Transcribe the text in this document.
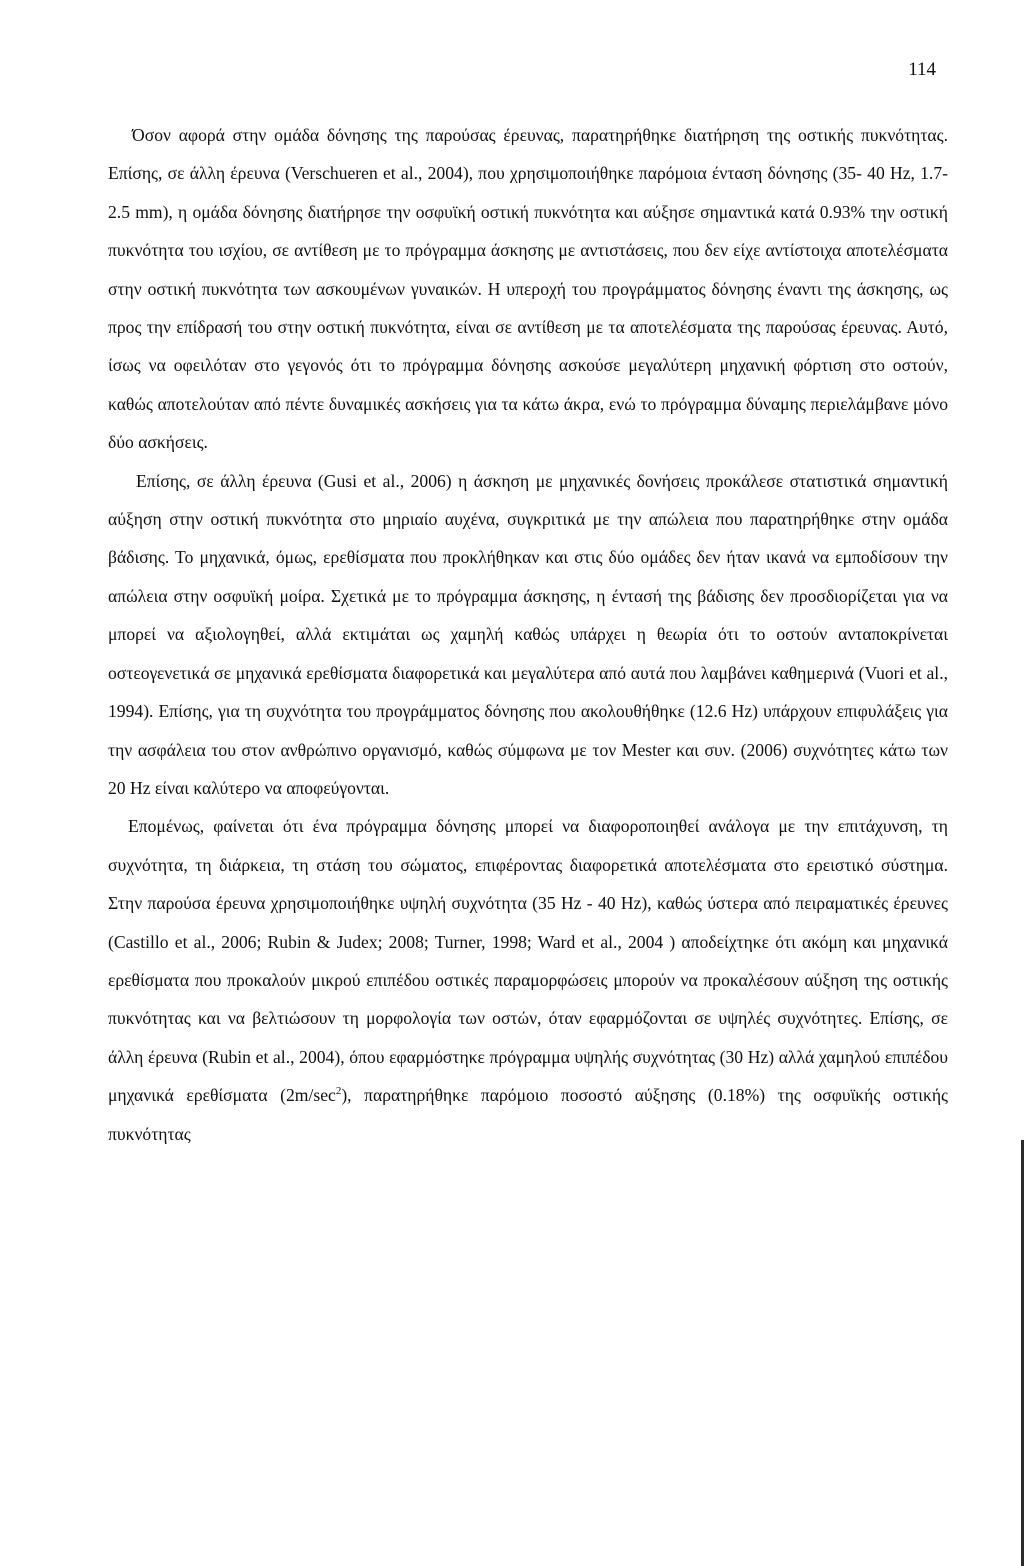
114

Όσον αφορά στην ομάδα δόνησης της παρούσας έρευνας, παρατηρήθηκε διατήρηση της οστικής πυκνότητας. Επίσης, σε άλλη έρευνα (Verschueren et al., 2004), που χρησιμοποιήθηκε παρόμοια ένταση δόνησης (35- 40 Hz, 1.7-2.5 mm), η ομάδα δόνησης διατήρησε την οσφυϊκή οστική πυκνότητα και αύξησε σημαντικά κατά 0.93% την οστική πυκνότητα του ισχίου, σε αντίθεση με το πρόγραμμα άσκησης με αντιστάσεις, που δεν είχε αντίστοιχα αποτελέσματα στην οστική πυκνότητα των ασκουμένων γυναικών. Η υπεροχή του προγράμματος δόνησης έναντι της άσκησης, ως προς την επίδρασή του στην οστική πυκνότητα, είναι σε αντίθεση με τα αποτελέσματα της παρούσας έρευνας. Αυτό, ίσως να οφειλόταν στο γεγονός ότι το πρόγραμμα δόνησης ασκούσε μεγαλύτερη μηχανική φόρτιση στο οστούν, καθώς αποτελούταν από πέντε δυναμικές ασκήσεις για τα κάτω άκρα, ενώ το πρόγραμμα δύναμης περιελάμβανε μόνο δύο ασκήσεις.

Επίσης, σε άλλη έρευνα (Gusi et al., 2006) η άσκηση με μηχανικές δονήσεις προκάλεσε στατιστικά σημαντική αύξηση στην οστική πυκνότητα στο μηριαίο αυχένα, συγκριτικά με την απώλεια που παρατηρήθηκε στην ομάδα βάδισης. Το μηχανικά, όμως, ερεθίσματα που προκλήθηκαν και στις δύο ομάδες δεν ήταν ικανά να εμποδίσουν την απώλεια στην οσφυϊκή μοίρα. Σχετικά με το πρόγραμμα άσκησης, η έντασή της βάδισης δεν προσδιορίζεται για να μπορεί να αξιολογηθεί, αλλά εκτιμάται ως χαμηλή καθώς υπάρχει η θεωρία ότι το οστούν ανταποκρίνεται οστεογενετικά σε μηχανικά ερεθίσματα διαφορετικά και μεγαλύτερα από αυτά που λαμβάνει καθημερινά (Vuori et al., 1994). Επίσης, για τη συχνότητα του προγράμματος δόνησης που ακολουθήθηκε (12.6 Hz) υπάρχουν επιφυλάξεις για την ασφάλεια του στον ανθρώπινο οργανισμό, καθώς σύμφωνα με τον Mester και συν. (2006) συχνότητες κάτω των 20 Hz είναι καλύτερο να αποφεύγονται.

Επομένως, φαίνεται ότι ένα πρόγραμμα δόνησης μπορεί να διαφοροποιηθεί ανάλογα με την επιτάχυνση, τη συχνότητα, τη διάρκεια, τη στάση του σώματος, επιφέροντας διαφορετικά αποτελέσματα στο ερειστικό σύστημα. Στην παρούσα έρευνα χρησιμοποιήθηκε υψηλή συχνότητα (35 Hz - 40 Hz), καθώς ύστερα από πειραματικές έρευνες (Castillo et al., 2006; Rubin & Judex; 2008; Turner, 1998; Ward et al., 2004 ) αποδείχτηκε ότι ακόμη και μηχανικά ερεθίσματα που προκαλούν μικρού επιπέδου οστικές παραμορφώσεις μπορούν να προκαλέσουν αύξηση της οστικής πυκνότητας και να βελτιώσουν τη μορφολογία των οστών, όταν εφαρμόζονται σε υψηλές συχνότητες. Επίσης, σε άλλη έρευνα (Rubin et al., 2004), όπου εφαρμόστηκε πρόγραμμα υψηλής συχνότητας (30 Hz) αλλά χαμηλού επιπέδου μηχανικά ερεθίσματα $(2m/\sec^2)$, παρατηρήθηκε παρόμοιο ποσοστό αύξησης (0.18%) της οσφυϊκής οστικής πυκνότητας
